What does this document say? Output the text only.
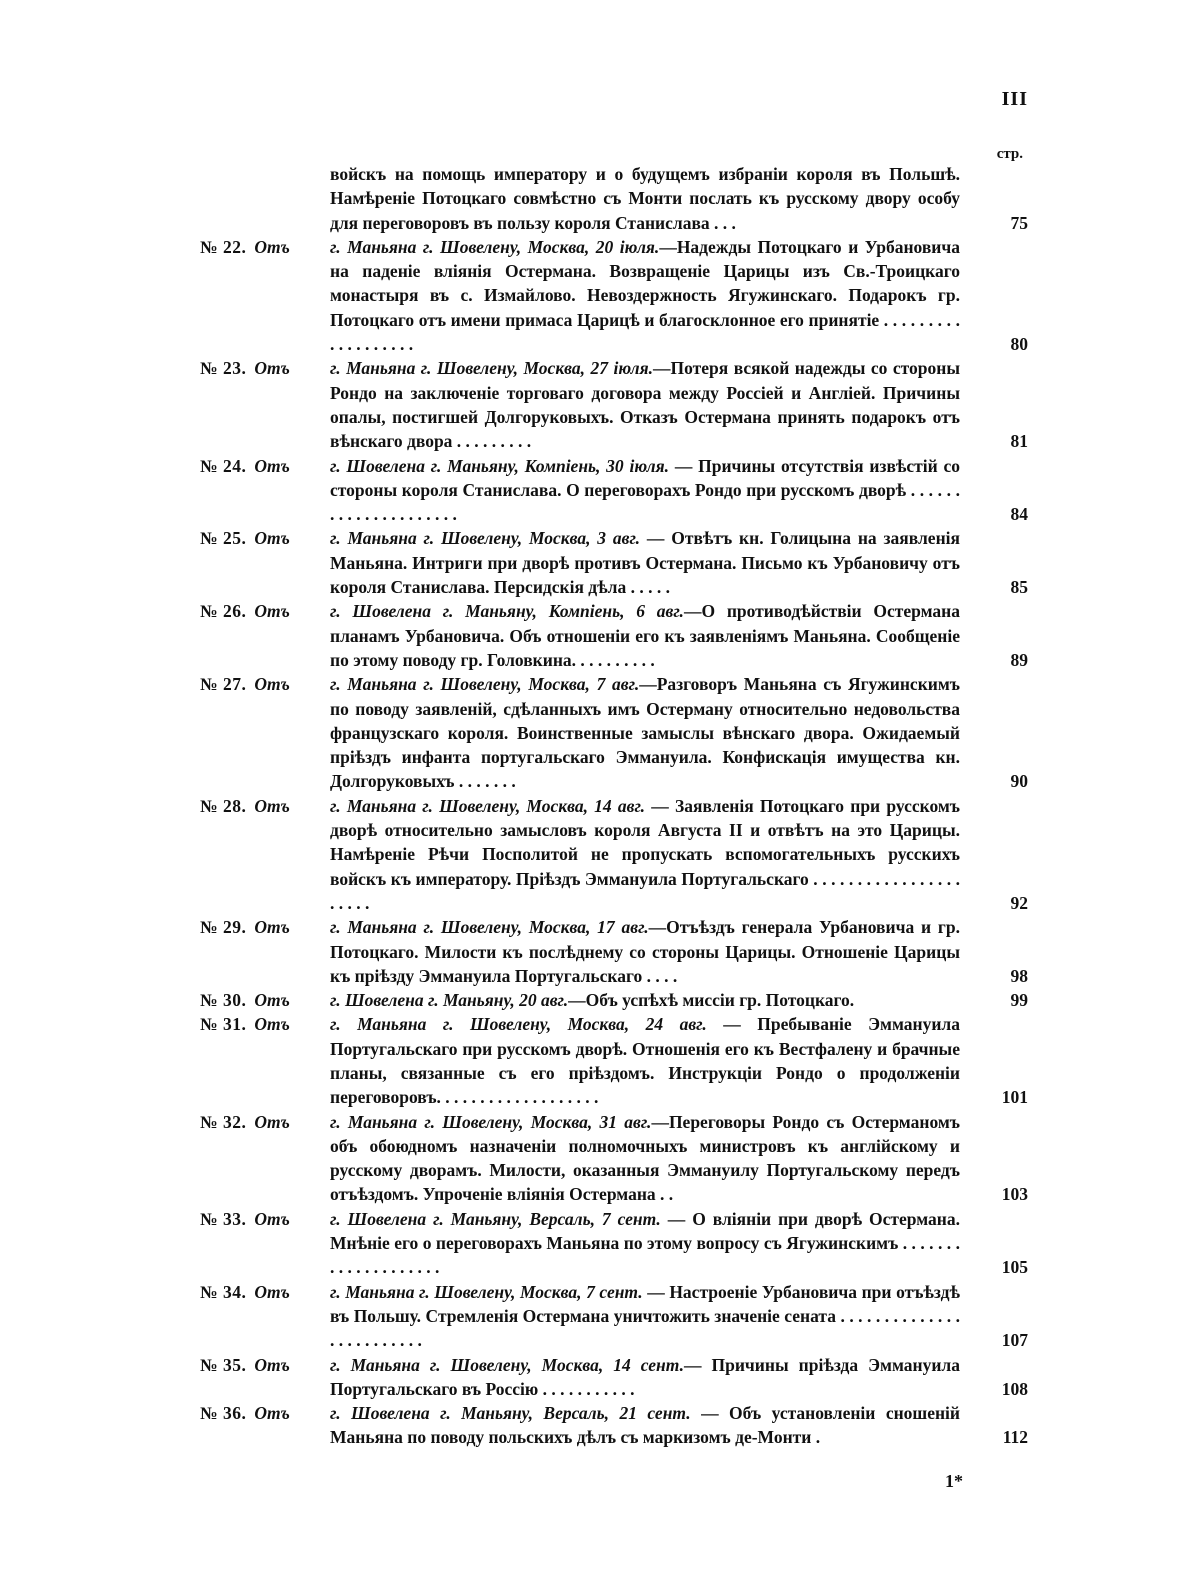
III
стр.
войскъ на помощь императору и о будущемъ избраніи короля въ Польшѣ. Намѣреніе Потоцкаго совмѣстно съ Монти послать къ русскому двору особу для переговоровъ въ пользу короля Станислава . . .	75
№ 22. Отъ	г. Маньяна г. Шовелену, Москва, 20 іюля.—Надежды Потоцкаго и Урбановича на паденіе вліянія Остермана. Возвращеніе Царицы изъ Св.-Троицкаго монастыря въ с. Измайлово. Невоздержность Ягужинскаго. Подарокъ гр. Потоцкаго отъ имени примаса Царицѣ и благосклонное его принятіе . . . . . . . . . . . . . . . . . . .	80
№ 23. Отъ	г. Маньяна г. Шовелену, Москва, 27 іюля.—Потеря всякой надежды со стороны Рондо на заключеніе торговаго договора между Россіей и Англіей. Причины опалы, постигшей Долгоруковыхъ. Отказъ Остермана принять подарокъ отъ вѣнскаго двора . . . . . . . . .	81
№ 24. Отъ	г. Шовелена г. Маньяну, Компіень, 30 іюля. — Причины отсутствія извѣстій со стороны короля Станислава. О переговорахъ Рондо при русскомъ дворѣ . . . . . . . . . . . . . . . . . . . . .	84
№ 25. Отъ	г. Маньяна г. Шовелену, Москва, 3 авг. — Отвѣтъ кн. Голицына на заявленія Маньяна. Интриги при дворѣ противъ Остермана. Письмо къ Урбановичу отъ короля Станислава. Персидскія дѣла . . . . .	85
№ 26. Отъ	г. Шовелена г. Маньяну, Компіень, 6 авг.—О противодѣйствіи Остермана планамъ Урбановича. Объ отношеніи его къ заявленіямъ Маньяна. Сообщеніе по этому поводу гр. Головкина. . . . . . . . . .	89
№ 27. Отъ	г. Маньяна г. Шовелену, Москва, 7 авг.—Разговоръ Маньяна съ Ягужинскимъ по поводу заявленій, сдѣланныхъ имъ Остерману относительно недовольства французскаго короля. Воинственные замыслы вѣнскаго двора. Ожидаемый пріѣздъ инфанта португальскаго Эммануила. Конфискація имущества кн. Долгоруковыхъ . . . . . . .	90
№ 28. Отъ	г. Маньяна г. Шовелену, Москва, 14 авг. — Заявленія Потоцкаго при русскомъ дворѣ относительно замысловъ короля Августа II и отвѣтъ на это Царицы. Намѣреніе Рѣчи Посполитой не пропускать вспомогательныхъ русскихъ войскъ къ императору. Пріѣздъ Эммануила Португальскаго . . . . . . . . . . . . . . . . . . . . . .	92
№ 29. Отъ	г. Маньяна г. Шовелену, Москва, 17 авг.—Отъѣздъ генерала Урбановича и гр. Потоцкаго. Милости къ послѣднему со стороны Царицы. Отношеніе Царицы къ пріѣзду Эммануила Португальскаго . . . .	98
№ 30. Отъ	г. Шовелена г. Маньяну, 20 авг.—Объ успѣхѣ миссіи гр. Потоцкаго.	99
№ 31. Отъ	г. Маньяна г. Шовелену, Москва, 24 авг. — Пребываніе Эммануила Португальскаго при русскомъ дворѣ. Отношенія его къ Вестфалену и брачные планы, связанные съ его пріѣздомъ. Инструкціи Рондо о продолженіи переговоровъ. . . . . . . . . . . . . . . . . . .	101
№ 32. Отъ	г. Маньяна г. Шовелену, Москва, 31 авг.—Переговоры Рондо съ Остерманомъ объ обоюдномъ назначеніи полномочныхъ министровъ къ англійскому и русскому дворамъ. Милости, оказанныя Эммануилу Португальскому передъ отъѣздомъ. Упроченіе вліянія Остермана . .	103
№ 33. Отъ	г. Шовелена г. Маньяну, Версаль, 7 сент. — О вліяніи при дворѣ Остермана. Мнѣніе его о переговорахъ Маньяна по этому вопросу съ Ягужинскимъ . . . . . . . . . . . . . . . . . . . .	105
№ 34. Отъ	г. Маньяна г. Шовелену, Москва, 7 сент. — Настроеніе Урбановича при отъѣздѣ въ Польшу. Стремленія Остермана уничтожить значеніе сената . . . . . . . . . . . . . . . . . . . . . . . . .	107
№ 35. Отъ	г. Маньяна г. Шовелену, Москва, 14 сент.— Причины пріѣзда Эммануила Португальскаго въ Россію . . . . . . . . . . .	108
№ 36. Отъ	г. Шовелена г. Маньяну, Версаль, 21 сент. — Объ установленіи сношеній Маньяна по поводу польскихъ дѣлъ съ маркизомъ де-Монти .	112
1*
